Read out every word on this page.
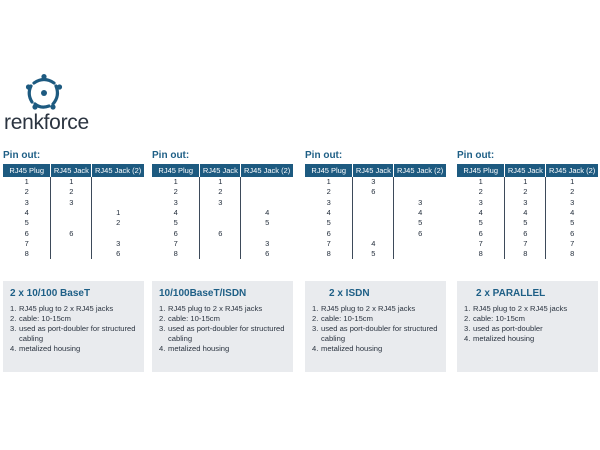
renkforce
Pin out:
RJ45 Plug	RJ45 Jack	RJ45 Jack (2)
1	1	
2	2	
3	3	
4		1
5		2
6	6	
7		3
8		6
2 x 10/100 BaseT
1. RJ45 plug to 2 x RJ45 jacks
2. cable: 10-15cm
3. used as port-doubler for structured cabling
4. metalized housing
Pin out:
RJ45 Plug	RJ45 Jack	RJ45 Jack (2)
1	1	
2	2	
3	3	
4		4
5		5
6	6	
7		3
8		6
10/100BaseT/ISDN
1. RJ45 plug to 2 x RJ45 jacks
2. cable: 10-15cm
3. used as port-doubler for structured cabling
4. metalized housing
Pin out:
RJ45 Plug	RJ45 Jack	RJ45 Jack (2)
1	3	
2	6	
3		3
4		4
5		5
6		6
7	4	
8	5	
2 x ISDN
1. RJ45 plug to 2 x RJ45 jacks
2. cable: 10-15cm
3. used as port-doubler for structured cabling
4. metalized housing
Pin out:
RJ45 Plug	RJ45 Jack	RJ45 Jack (2)
1	1	1
2	2	2
3	3	3
4	4	4
5	5	5
6	6	6
7	7	7
8	8	8
2 x PARALLEL
1. RJ45 plug to 2 x RJ45 jacks
2. cable: 10-15cm
3. used as port-doubler
4. metalized housing
